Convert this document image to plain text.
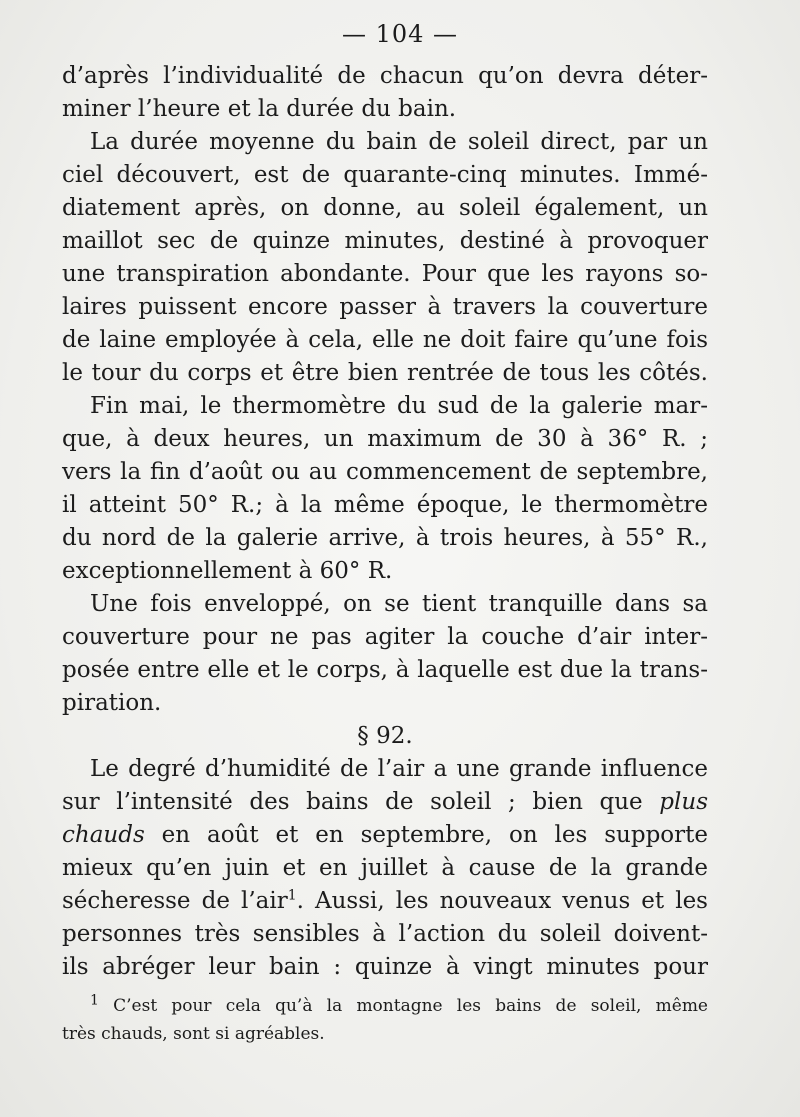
— 104 —

d’après l’individualité de chacun qu’on devra déter-
miner l’heure et la durée du bain.

La durée moyenne du bain de soleil direct, par un
ciel découvert, est de quarante-cinq minutes. Immé-
diatement après, on donne, au soleil également, un
maillot sec de quinze minutes, destiné à provoquer
une transpiration abondante. Pour que les rayons so-
laires puissent encore passer à travers la couverture
de laine employée à cela, elle ne doit faire qu’une fois
le tour du corps et être bien rentrée de tous les côtés.

Fin mai, le thermomètre du sud de la galerie mar-
que, à deux heures, un maximum de 30 à 36° R. ;
vers la fin d’août ou au commencement de septembre,
il atteint 50° R.; à la même époque, le thermomètre
du nord de la galerie arrive, à trois heures, à 55° R.,
exceptionnellement à 60° R.

Une fois enveloppé, on se tient tranquille dans sa
couverture pour ne pas agiter la couche d’air inter-
posée entre elle et le corps, à laquelle est due la trans-
piration.

§ 92.

Le degré d’humidité de l’air a une grande influence
sur l’intensité des bains de soleil ; bien que plus
chauds en août et en septembre, on les supporte
mieux qu’en juin et en juillet à cause de la grande
sécheresse de l’air$^1$. Aussi, les nouveaux venus et les
personnes très sensibles à l’action du soleil doivent-
ils abréger leur bain : quinze à vingt minutes pour

$^1$ C’est pour cela qu’à la montagne les bains de soleil, même
très chauds, sont si agréables.
